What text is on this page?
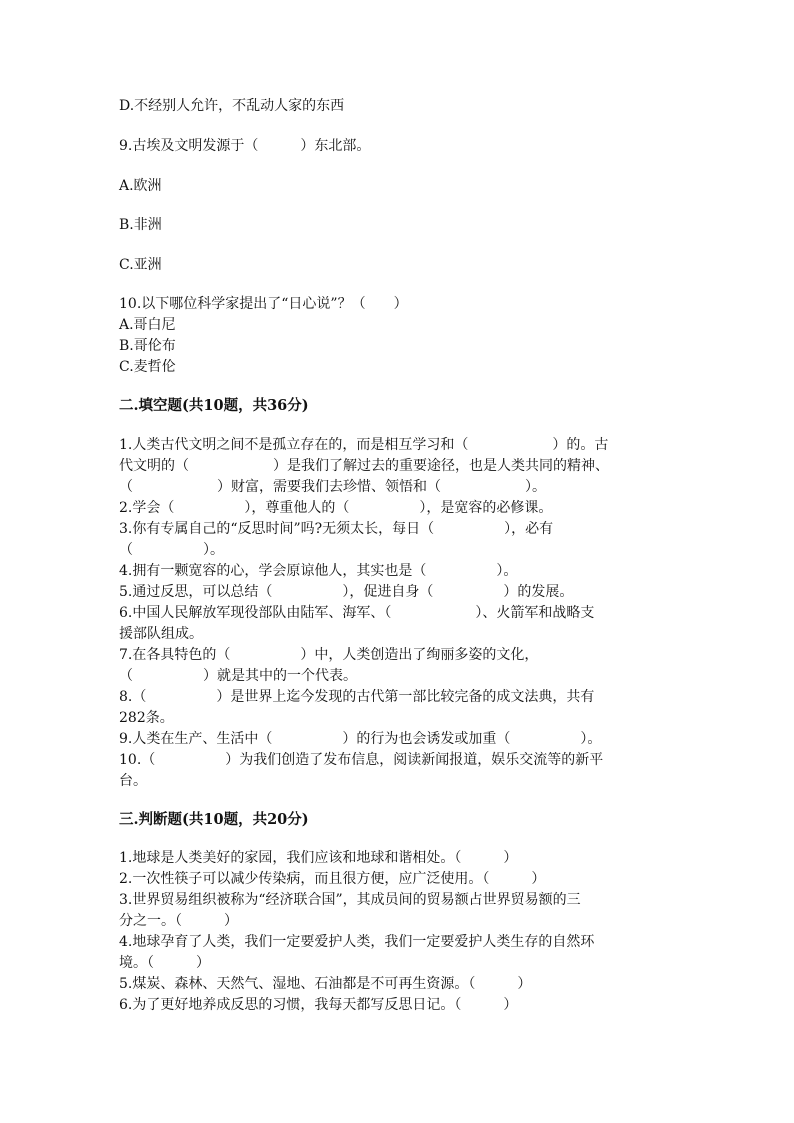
D.不经别人允许，不乱动人家的东西
9.古埃及文明发源于（　　　）东北部。
A.欧洲
B.非洲
C.亚洲
10.以下哪位科学家提出了“日心说”？（　　）
A.哥白尼
B.哥伦布
C.麦哲伦
二.填空题(共10题，共36分)
1.人类古代文明之间不是孤立存在的，而是相互学习和（　　　　　　）的。古
代文明的（　　　　　　）是我们了解过去的重要途径，也是人类共同的精神、
（　　　　　　）财富，需要我们去珍惜、领悟和（　　　　　　）。
2.学会（　　　　　），尊重他人的（　　　　　），是宽容的必修课。
3.你有专属自己的“反思时间”吗?无须太长，每日（　　　　　），必有
（　　　　　）。
4.拥有一颗宽容的心，学会原谅他人，其实也是（　　　　　）。
5.通过反思，可以总结（　　　　　），促进自身（　　　　　）的发展。
6.中国人民解放军现役部队由陆军、海军、（　　　　　　）、火箭军和战略支
援部队组成。
7.在各具特色的（　　　　　）中，人类创造出了绚丽多姿的文化，
（　　　　　）就是其中的一个代表。
8.（　　　　　）是世界上迄今发现的古代第一部比较完备的成文法典，共有
282条。
9.人类在生产、生活中（　　　　　）的行为也会诱发或加重（　　　　　）。
10.（　　　　　）为我们创造了发布信息，阅读新闻报道，娱乐交流等的新平
台。
三.判断题(共10题，共20分)
1.地球是人类美好的家园，我们应该和地球和谐相处。（　　　）
2.一次性筷子可以减少传染病，而且很方便，应广泛使用。（　　　）
3.世界贸易组织被称为“经济联合国”，其成员间的贸易额占世界贸易额的三
分之一。（　　　）
4.地球孕育了人类，我们一定要爱护人类，我们一定要爱护人类生存的自然环
境。（　　　）
5.煤炭、森林、天然气、湿地、石油都是不可再生资源。（　　　）
6.为了更好地养成反思的习惯，我每天都写反思日记。（　　　）
